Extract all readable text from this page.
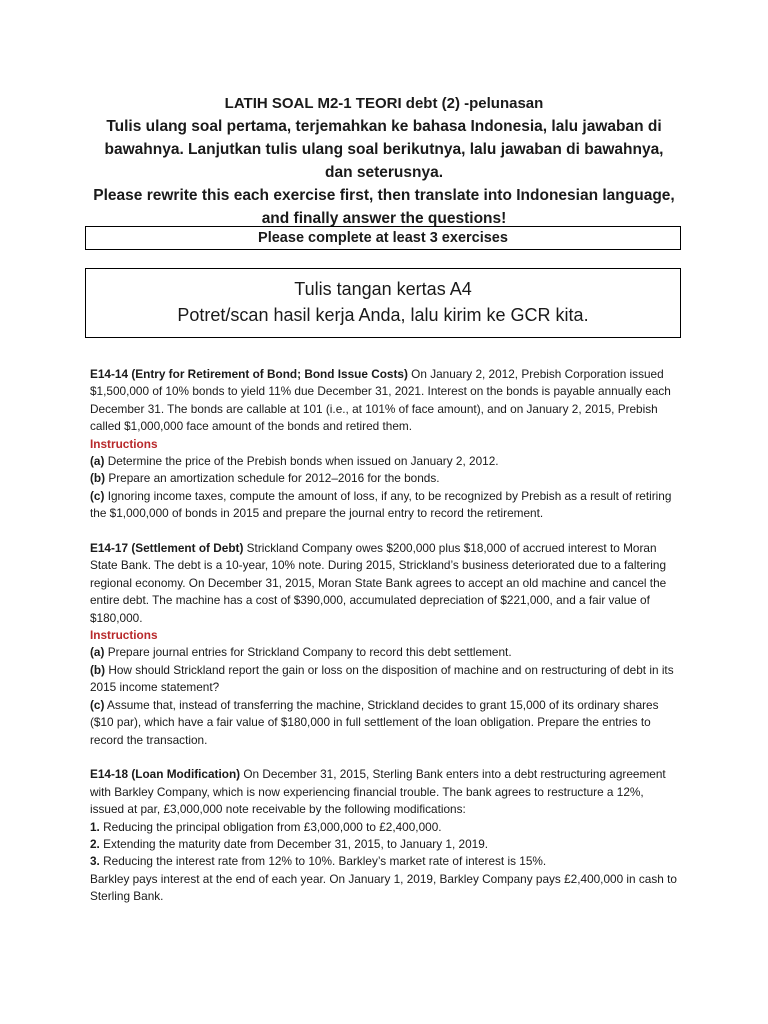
LATIH SOAL M2-1 TEORI debt (2) -pelunasan
Tulis ulang soal pertama, terjemahkan ke bahasa Indonesia, lalu jawaban di
bawahnya. Lanjutkan tulis ulang soal berikutnya, lalu jawaban di bawahnya,
dan seterusnya.
Please rewrite this each exercise first, then translate into Indonesian language,
and finally answer the questions!
Please complete at least 3 exercises
Tulis tangan kertas A4
Potret/scan hasil kerja Anda, lalu kirim ke GCR kita.

E14-14 (Entry for Retirement of Bond; Bond Issue Costs) On January 2, 2012, Prebish Corporation issued $1,500,000 of 10% bonds to yield 11% due December 31, 2021. Interest on the bonds is payable annually each December 31. The bonds are callable at 101 (i.e., at 101% of face amount), and on January 2, 2015, Prebish called $1,000,000 face amount of the bonds and retired them.

Instructions

(a) Determine the price of the Prebish bonds when issued on January 2, 2012.

(b) Prepare an amortization schedule for 2012–2016 for the bonds.

(c) Ignoring income taxes, compute the amount of loss, if any, to be recognized by Prebish as a result of retiring the $1,000,000 of bonds in 2015 and prepare the journal entry to record the retirement.

E14-17 (Settlement of Debt) Strickland Company owes $200,000 plus $18,000 of accrued interest to Moran State Bank. The debt is a 10-year, 10% note. During 2015, Strickland’s business deteriorated due to a faltering regional economy. On December 31, 2015, Moran State Bank agrees to accept an old machine and cancel the entire debt. The machine has a cost of $390,000, accumulated depreciation of $221,000, and a fair value of $180,000.

Instructions

(a) Prepare journal entries for Strickland Company to record this debt settlement.

(b) How should Strickland report the gain or loss on the disposition of machine and on restructuring of debt in its 2015 income statement?

(c) Assume that, instead of transferring the machine, Strickland decides to grant 15,000 of its ordinary shares ($10 par), which have a fair value of $180,000 in full settlement of the loan obligation. Prepare the entries to record the transaction.

E14-18 (Loan Modification) On December 31, 2015, Sterling Bank enters into a debt restructuring agreement with Barkley Company, which is now experiencing financial trouble. The bank agrees to restructure a 12%, issued at par, £3,000,000 note receivable by the following modifications:

1. Reducing the principal obligation from £3,000,000 to £2,400,000.

2. Extending the maturity date from December 31, 2015, to January 1, 2019.

3. Reducing the interest rate from 12% to 10%. Barkley’s market rate of interest is 15%.

Barkley pays interest at the end of each year. On January 1, 2019, Barkley Company pays £2,400,000 in cash to Sterling Bank.
